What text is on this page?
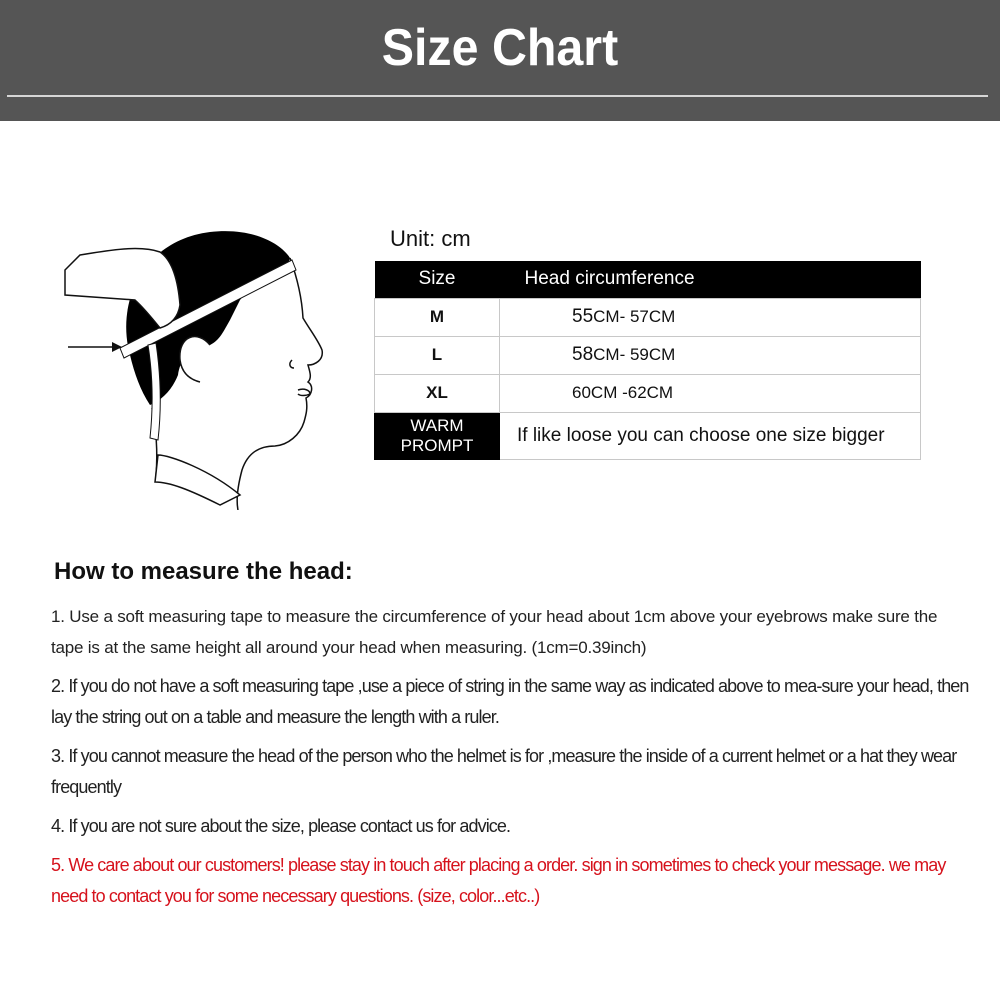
Size Chart
Unit: cm
Size	Head circumference
M	55CM- 57CM
L	58CM- 59CM
XL	60CM -62CM

WARM
PROMPT	If like loose you can choose one size bigger
How to measure the head:

1. Use a soft measuring tape to measure the circumference of your head about 1cm above your eyebrows make sure the tape is at the same height all around your head when measuring. (1cm=0.39inch)

2. If you do not have a soft measuring tape ,use a piece of string in the same way as indicated above to mea-sure your head, then lay the string out on a table and measure the length with a ruler.

3. If you cannot measure the head of the person who the helmet is for ,measure the inside of a current helmet or a hat they wear frequently

4. If you are not sure about the size, please contact us for advice.

5. We care about our customers! please stay in touch after placing a order. sign in sometimes to check your message. we may need to contact you for some necessary questions. (size, color...etc..)
